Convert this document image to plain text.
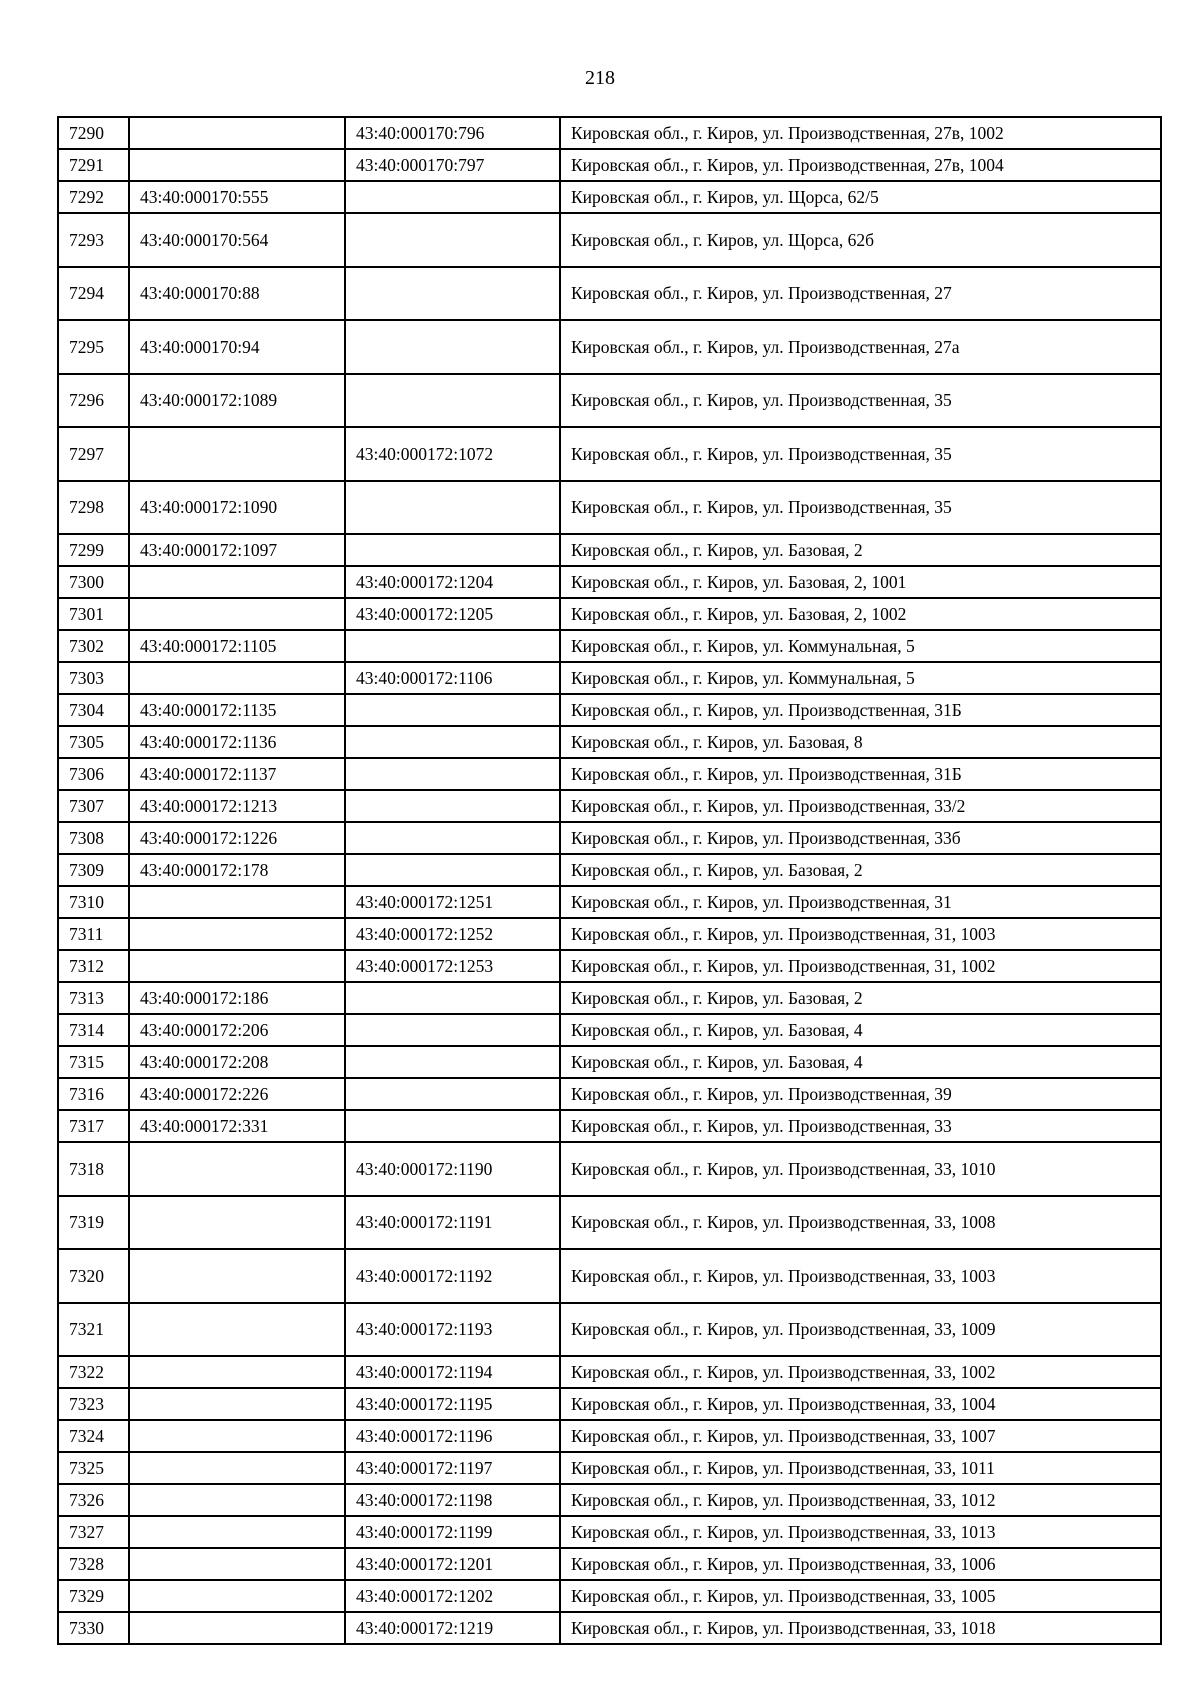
218
7290		43:40:000170:796	Кировская обл., г. Киров, ул. Производственная, 27в, 1002
7291		43:40:000170:797	Кировская обл., г. Киров, ул. Производственная, 27в, 1004
7292	43:40:000170:555		Кировская обл., г. Киров, ул. Щорса, 62/5
7293	43:40:000170:564		Кировская обл., г. Киров, ул. Щорса, 62б
7294	43:40:000170:88		Кировская обл., г. Киров, ул. Производственная, 27
7295	43:40:000170:94		Кировская обл., г. Киров, ул. Производственная, 27а
7296	43:40:000172:1089		Кировская обл., г. Киров, ул. Производственная, 35
7297		43:40:000172:1072	Кировская обл., г. Киров, ул. Производственная, 35
7298	43:40:000172:1090		Кировская обл., г. Киров, ул. Производственная, 35
7299	43:40:000172:1097		Кировская обл., г. Киров, ул. Базовая, 2
7300		43:40:000172:1204	Кировская обл., г. Киров, ул. Базовая, 2, 1001
7301		43:40:000172:1205	Кировская обл., г. Киров, ул. Базовая, 2, 1002
7302	43:40:000172:1105		Кировская обл., г. Киров, ул. Коммунальная, 5
7303		43:40:000172:1106	Кировская обл., г. Киров, ул. Коммунальная, 5
7304	43:40:000172:1135		Кировская обл., г. Киров, ул. Производственная, 31Б
7305	43:40:000172:1136		Кировская обл., г. Киров, ул. Базовая, 8
7306	43:40:000172:1137		Кировская обл., г. Киров, ул. Производственная, 31Б
7307	43:40:000172:1213		Кировская обл., г. Киров, ул. Производственная, 33/2
7308	43:40:000172:1226		Кировская обл., г. Киров, ул. Производственная, 33б
7309	43:40:000172:178		Кировская обл., г. Киров, ул. Базовая, 2
7310		43:40:000172:1251	Кировская обл., г. Киров, ул. Производственная, 31
7311		43:40:000172:1252	Кировская обл., г. Киров, ул. Производственная, 31, 1003
7312		43:40:000172:1253	Кировская обл., г. Киров, ул. Производственная, 31, 1002
7313	43:40:000172:186		Кировская обл., г. Киров, ул. Базовая, 2
7314	43:40:000172:206		Кировская обл., г. Киров, ул. Базовая, 4
7315	43:40:000172:208		Кировская обл., г. Киров, ул. Базовая, 4
7316	43:40:000172:226		Кировская обл., г. Киров, ул. Производственная, 39
7317	43:40:000172:331		Кировская обл., г. Киров, ул. Производственная, 33
7318		43:40:000172:1190	Кировская обл., г. Киров, ул. Производственная, 33, 1010
7319		43:40:000172:1191	Кировская обл., г. Киров, ул. Производственная, 33, 1008
7320		43:40:000172:1192	Кировская обл., г. Киров, ул. Производственная, 33, 1003
7321		43:40:000172:1193	Кировская обл., г. Киров, ул. Производственная, 33, 1009
7322		43:40:000172:1194	Кировская обл., г. Киров, ул. Производственная, 33, 1002
7323		43:40:000172:1195	Кировская обл., г. Киров, ул. Производственная, 33, 1004
7324		43:40:000172:1196	Кировская обл., г. Киров, ул. Производственная, 33, 1007
7325		43:40:000172:1197	Кировская обл., г. Киров, ул. Производственная, 33, 1011
7326		43:40:000172:1198	Кировская обл., г. Киров, ул. Производственная, 33, 1012
7327		43:40:000172:1199	Кировская обл., г. Киров, ул. Производственная, 33, 1013
7328		43:40:000172:1201	Кировская обл., г. Киров, ул. Производственная, 33, 1006
7329		43:40:000172:1202	Кировская обл., г. Киров, ул. Производственная, 33, 1005
7330		43:40:000172:1219	Кировская обл., г. Киров, ул. Производственная, 33, 1018
